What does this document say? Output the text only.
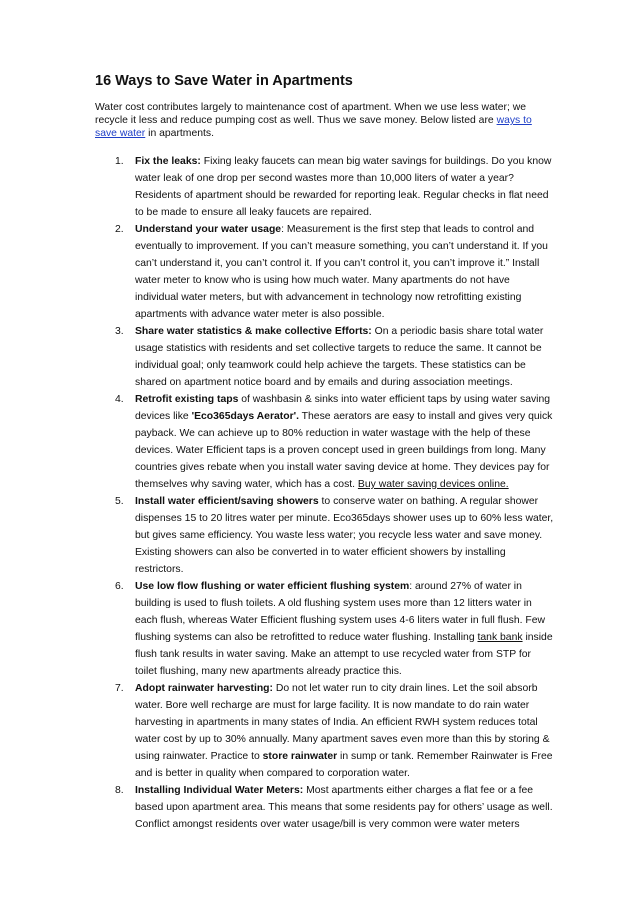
16 Ways to Save Water in Apartments

Water cost contributes largely to maintenance cost of apartment. When we use less water; we recycle it less and reduce pumping cost as well. Thus we save money. Below listed are ways to save water in apartments.

1. Fix the leaks: Fixing leaky faucets can mean big water savings for buildings. Do you know water leak of one drop per second wastes more than 10,000 liters of water a year? Residents of apartment should be rewarded for reporting leak. Regular checks in flat need to be made to ensure all leaky faucets are repaired.
2. Understand your water usage: Measurement is the first step that leads to control and eventually to improvement. If you can’t measure something, you can’t understand it. If you can’t understand it, you can’t control it. If you can’t control it, you can’t improve it.” Install water meter to know who is using how much water. Many apartments do not have individual water meters, but with advancement in technology now retrofitting existing apartments with advance water meter is also possible.
3. Share water statistics & make collective Efforts: On a periodic basis share total water usage statistics with residents and set collective targets to reduce the same. It cannot be individual goal; only teamwork could help achieve the targets. These statistics can be shared on apartment notice board and by emails and during association meetings.
4. Retrofit existing taps of washbasin & sinks into water efficient taps by using water saving devices like 'Eco365days Aerator'. These aerators are easy to install and gives very quick payback. We can achieve up to 80% reduction in water wastage with the help of these devices. Water Efficient taps is a proven concept used in green buildings from long. Many countries gives rebate when you install water saving device at home. They devices pay for themselves why saving water, which has a cost. Buy water saving devices online.
5. Install water efficient/saving showers to conserve water on bathing. A regular shower dispenses 15 to 20 litres water per minute. Eco365days shower uses up to 60% less water, but gives same efficiency. You waste less water; you recycle less water and save money. Existing showers can also be converted in to water efficient showers by installing restrictors.
6. Use low flow flushing or water efficient flushing system: around 27% of water in building is used to flush toilets. A old flushing system uses more than 12 litters water in each flush, whereas Water Efficient flushing system uses 4-6 liters water in full flush. Few flushing systems can also be retrofitted to reduce water flushing. Installing tank bank inside flush tank results in water saving. Make an attempt to use recycled water from STP for toilet flushing, many new apartments already practice this.
7. Adopt rainwater harvesting: Do not let water run to city drain lines. Let the soil absorb water. Bore well recharge are must for large facility. It is now mandate to do rain water harvesting in apartments in many states of India. An efficient RWH system reduces total water cost by up to 30% annually. Many apartment saves even more than this by storing & using rainwater. Practice to store rainwater in sump or tank. Remember Rainwater is Free and is better in quality when compared to corporation water.
8. Installing Individual Water Meters: Most apartments either charges a flat fee or a fee based upon apartment area. This means that some residents pay for others’ usage as well. Conflict amongst residents over water usage/bill is very common were water meters
